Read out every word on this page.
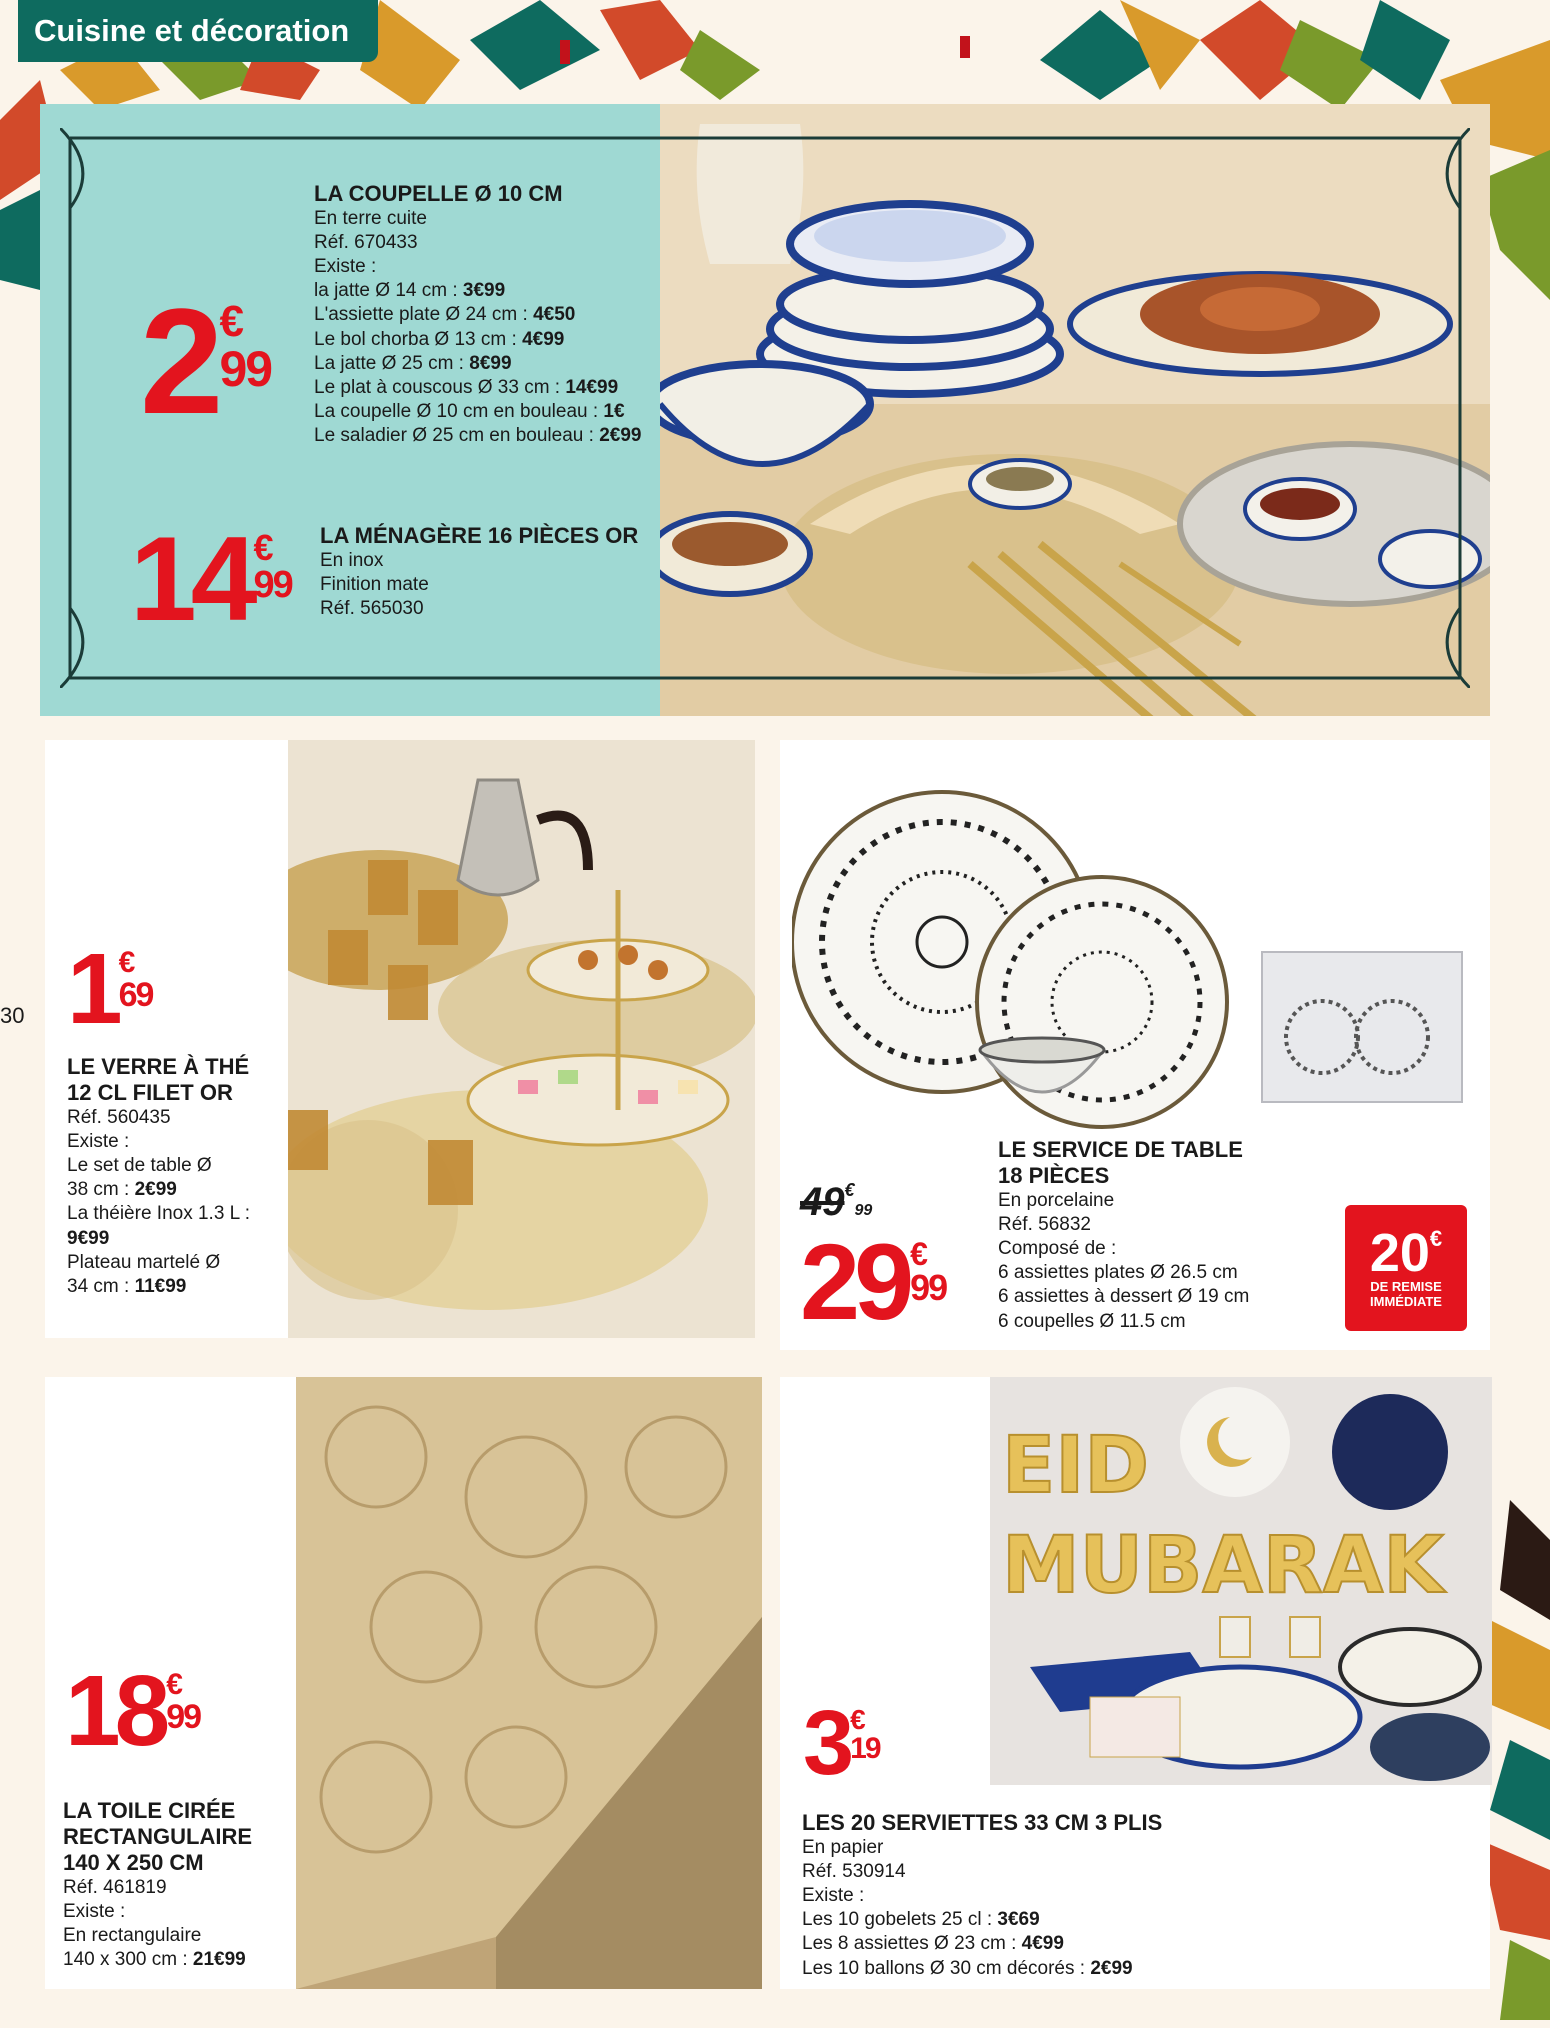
Cuisine et décoration
2 €
99
LA COUPELLE Ø 10 CM
En terre cuite
Réf. 670433
Existe :
la jatte Ø 14 cm : 3€99
L'assiette plate Ø 24 cm : 4€50
Le bol chorba Ø 13 cm : 4€99
La jatte Ø 25 cm : 8€99
Le plat à couscous Ø 33 cm : 14€99
La coupelle Ø 10 cm en bouleau : 1€
Le saladier Ø 25 cm en bouleau : 2€99
14 €
99
LA MÉNAGÈRE 16 PIÈCES OR
En inox
Finition mate
Réf. 565030
30 1 €
69
LE VERRE À THÉ
12 CL FILET OR
Réf. 560435
Existe :
Le set de table Ø
38 cm : 2€99
La théière Inox 1.3 L :
9€99
Plateau martelé Ø
34 cm : 11€99
49€99
29 €
99
LE SERVICE DE TABLE
18 PIÈCES
En porcelaine
Réf. 56832
Composé de :
6 assiettes plates Ø 26.5 cm
6 assiettes à dessert Ø 19 cm
6 coupelles Ø 11.5 cm
20 €
DE REMISE
IMMÉDIATE
18 €
99
LA TOILE CIRÉE
RECTANGULAIRE
140 X 250 CM
Réf. 461819
Existe :
En rectangulaire
140 x 300 cm : 21€99
EID
MUBARAK
3 €
19
LES 20 SERVIETTES 33 CM 3 PLIS
En papier
Réf. 530914
Existe :
Les 10 gobelets 25 cl : 3€69
Les 8 assiettes Ø 23 cm : 4€99
Les 10 ballons Ø 30 cm décorés : 2€99
